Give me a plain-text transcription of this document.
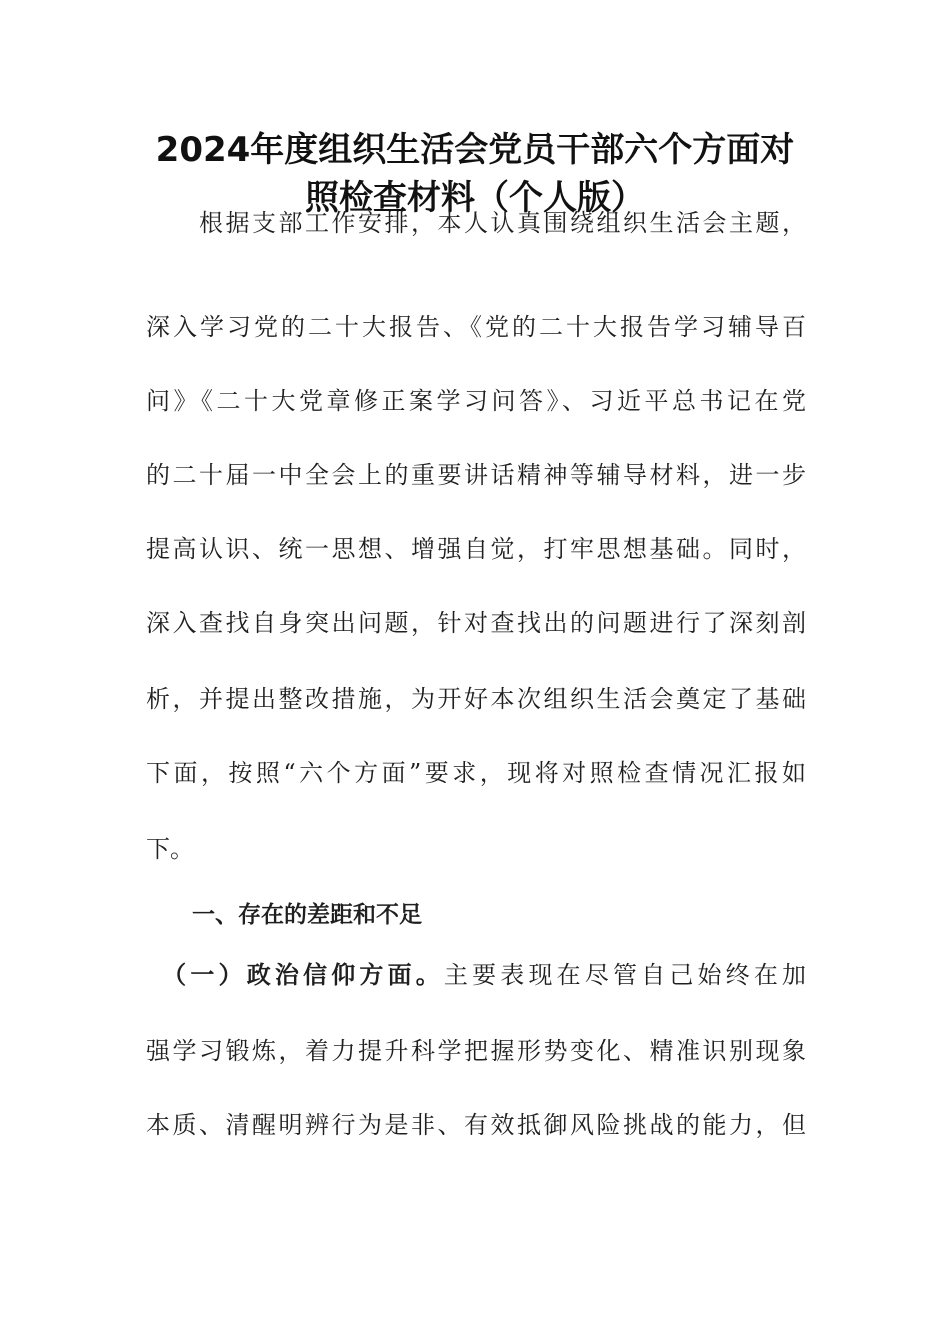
2024年度组织生活会党员干部六个方面对
照检查材料（个人版）
　　根据支部工作安排，本人认真围绕组织生活会主题，
深入学习党的二十大报告、《党的二十大报告学习辅导百
问》《二十大党章修正案学习问答》、习近平总书记在党
的二十届一中全会上的重要讲话精神等辅导材料，进一步
提高认识、统一思想、增强自觉，打牢思想基础。同时，
深入查找自身突出问题，针对查找出的问题进行了深刻剖
析，并提出整改措施，为开好本次组织生活会奠定了基础
下面，按照“六个方面”要求，现将对照检查情况汇报如
下。
　　一、存在的差距和不足
　（一）政治信仰方面。主要表现在尽管自己始终在加
强学习锻炼，着力提升科学把握形势变化、精准识别现象
本质、清醒明辨行为是非、有效抵御风险挑战的能力，但
